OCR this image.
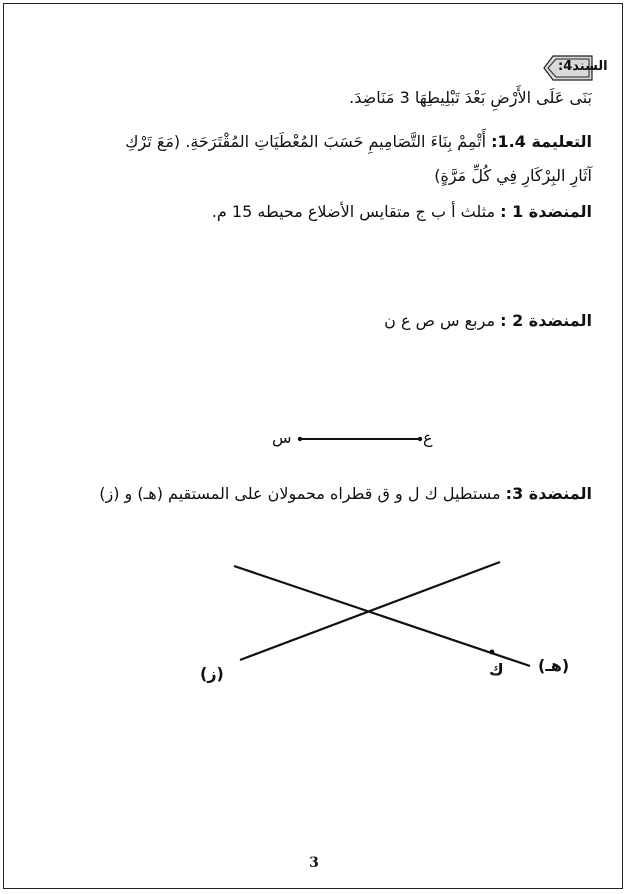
السند4:
بَنَى عَلَى الأَرْضِ بَعْدَ تَبْلِيطِهَا 3 مَنَاضِدَ.
التعليمة 1.4: أَتْمِمْ بِنَاءَ التَّصَامِيمِ حَسَبَ المُعْطَيَاتِ المُقْتَرَحَةِ. (مَعَ تَرْكِ
آثَارِ البِرْكَارِ فِي كُلِّ مَرَّةٍ)
المنضدة 1 : مثلث أ ب ج متقايس الأضلاع محيطه 15 م.
المنضدة 2 : مربع س ص ع ن
س	ع
المنضدة 3: مستطيل ك ل و ق قطراه محمولان على المستقيم (هـ) و (ز)
(ز)	(هـ)
ك
3
